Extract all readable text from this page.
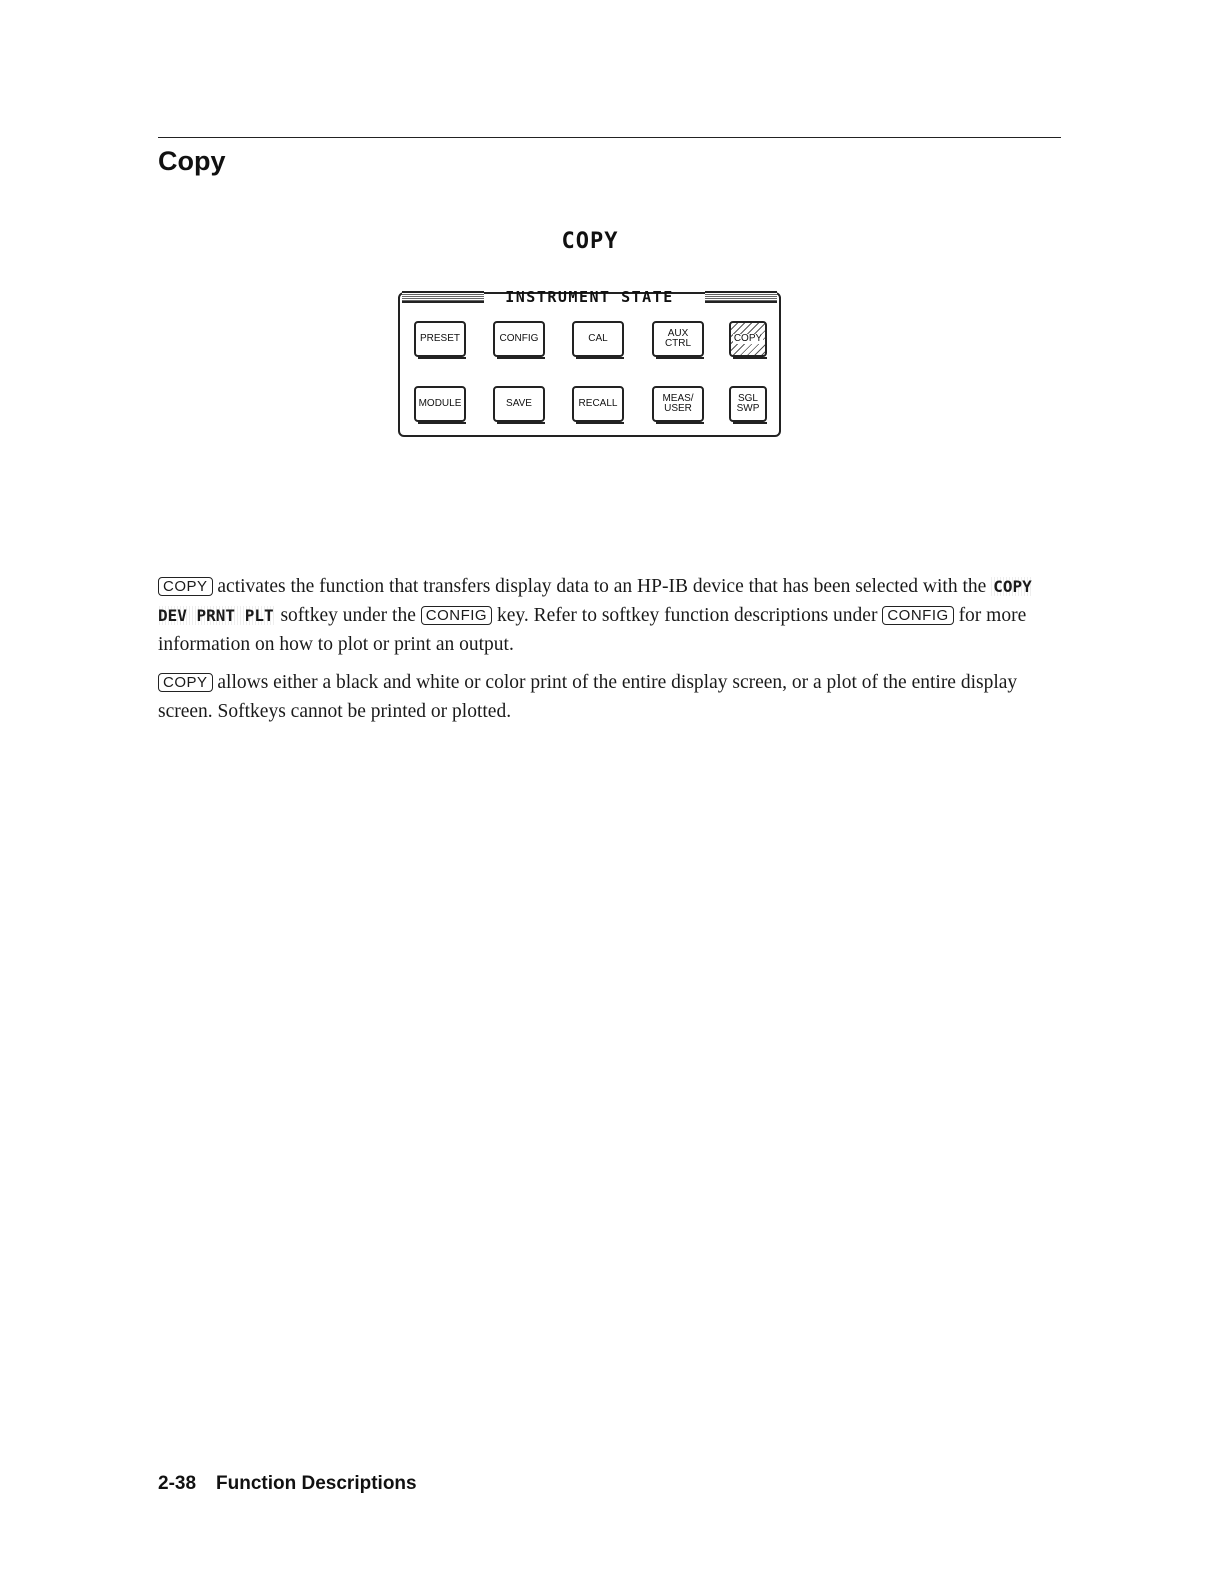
Copy
COPY
INSTRUMENT STATE
PRESET	CONFIG	CAL	AUX
CTRL	COPY
MODULE	SAVE	RECALL	MEAS/
USER
SGL
SWP

COPY activates the function that transfers display data to an HP-IB device that has been selected with the COPY DEV PRNT PLT softkey under the CONFIG key. Refer to softkey function descriptions under CONFIG for more information on how to plot or print an output.

COPY allows either a black and white or color print of the entire display screen, or a plot of the entire display screen. Softkeys cannot be printed or plotted.

2-38 Function Descriptions
